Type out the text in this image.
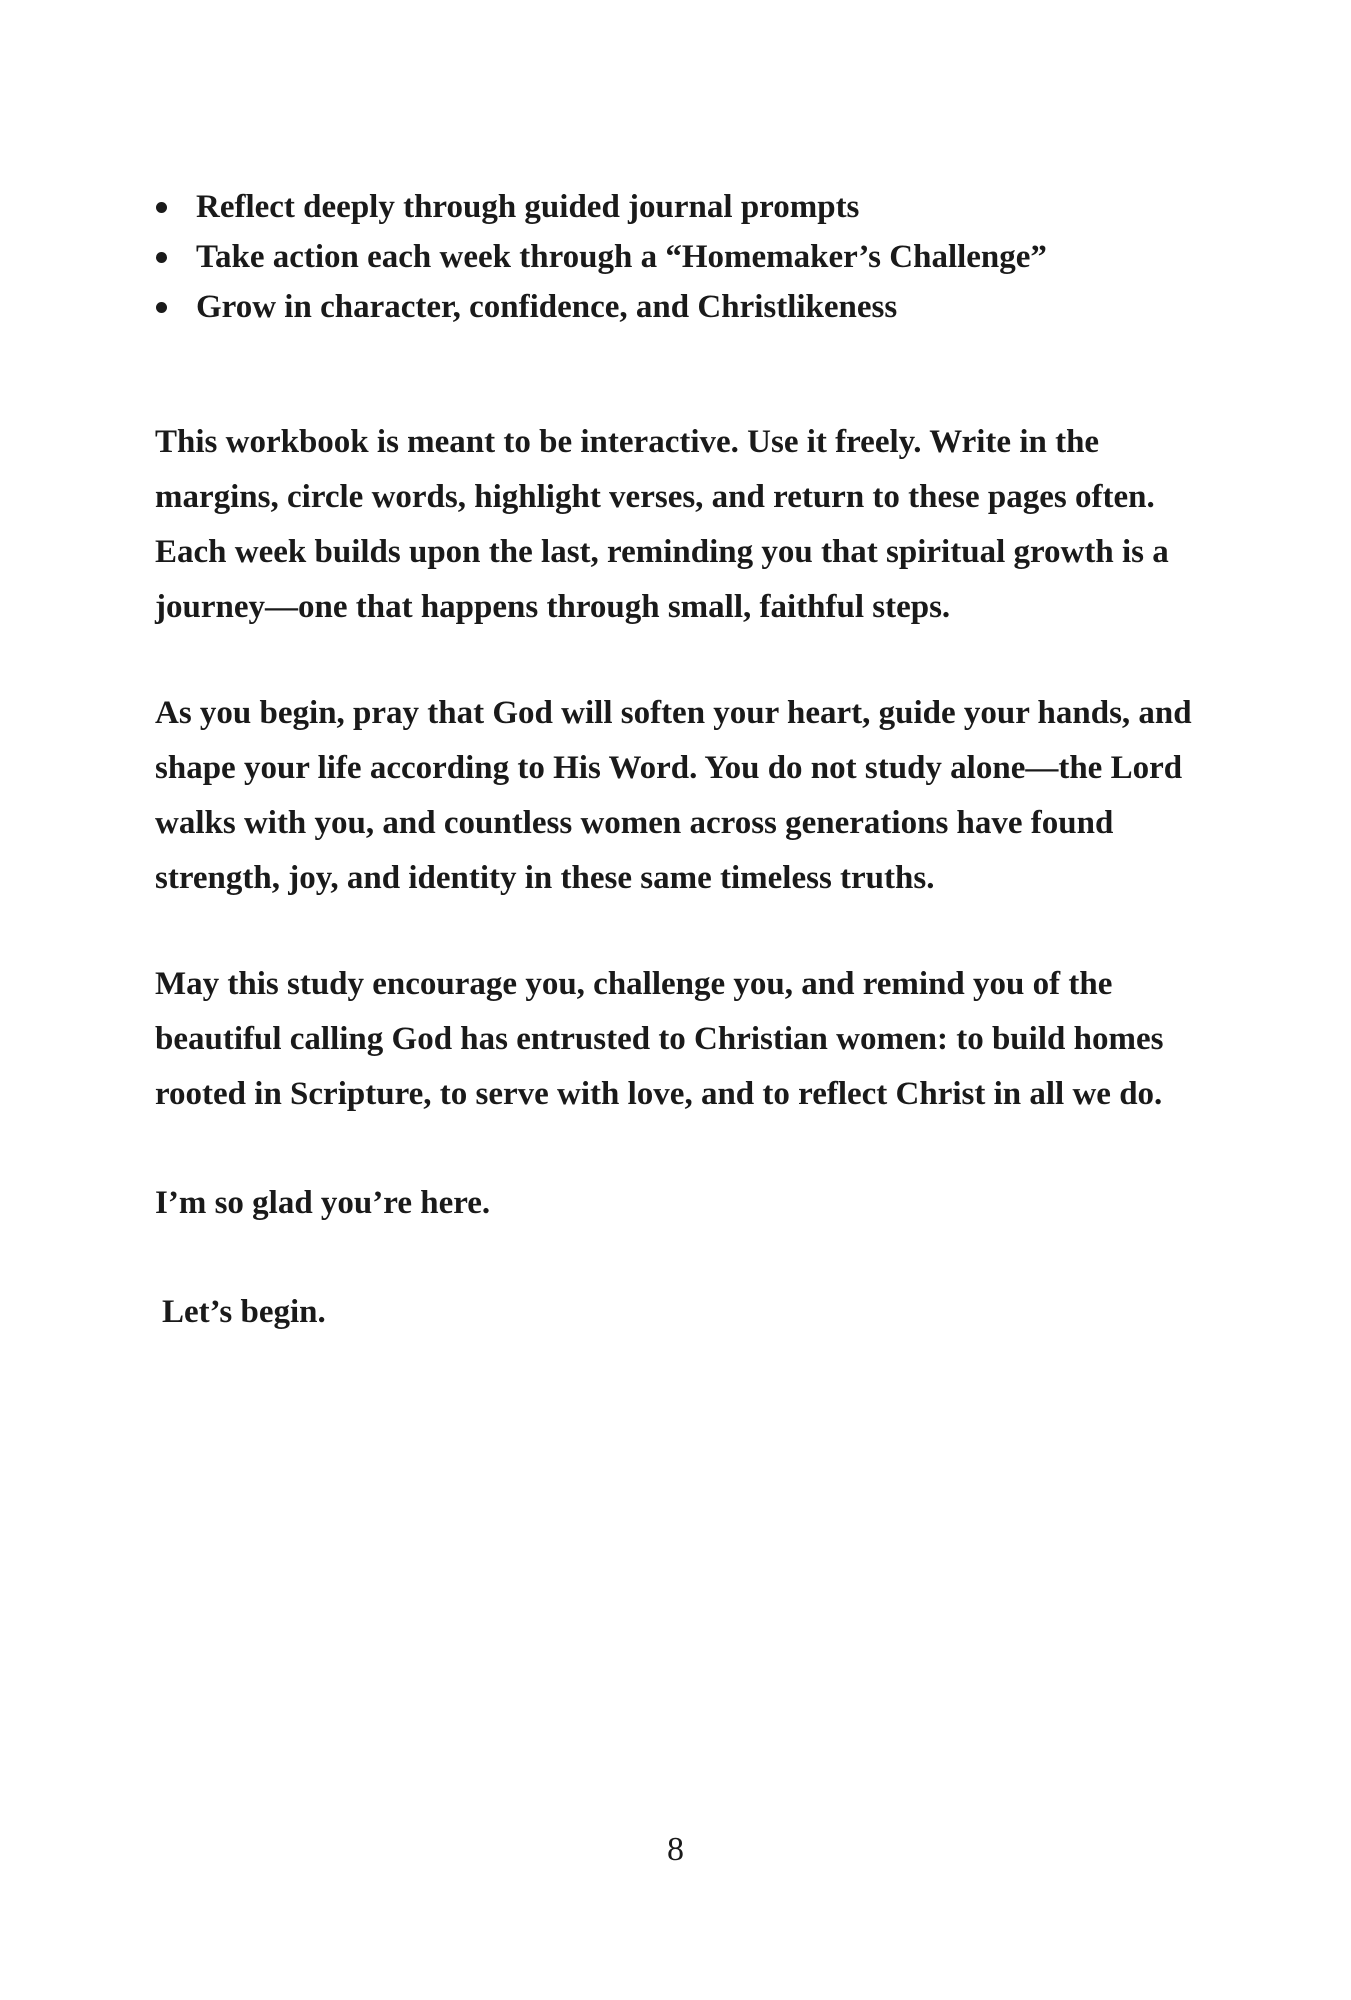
Reflect deeply through guided journal prompts
Take action each week through a “Homemaker’s Challenge”
Grow in character, confidence, and Christlikeness

This workbook is meant to be interactive. Use it freely. Write in the margins, circle words, highlight verses, and return to these pages often. Each week builds upon the last, reminding you that spiritual growth is a journey—one that happens through small, faithful steps.

As you begin, pray that God will soften your heart, guide your hands, and shape your life according to His Word. You do not study alone—the Lord walks with you, and countless women across generations have found strength, joy, and identity in these same timeless truths.

May this study encourage you, challenge you, and remind you of the beautiful calling God has entrusted to Christian women: to build homes rooted in Scripture, to serve with love, and to reflect Christ in all we do.

I’m so glad you’re here.

Let’s begin.

8
